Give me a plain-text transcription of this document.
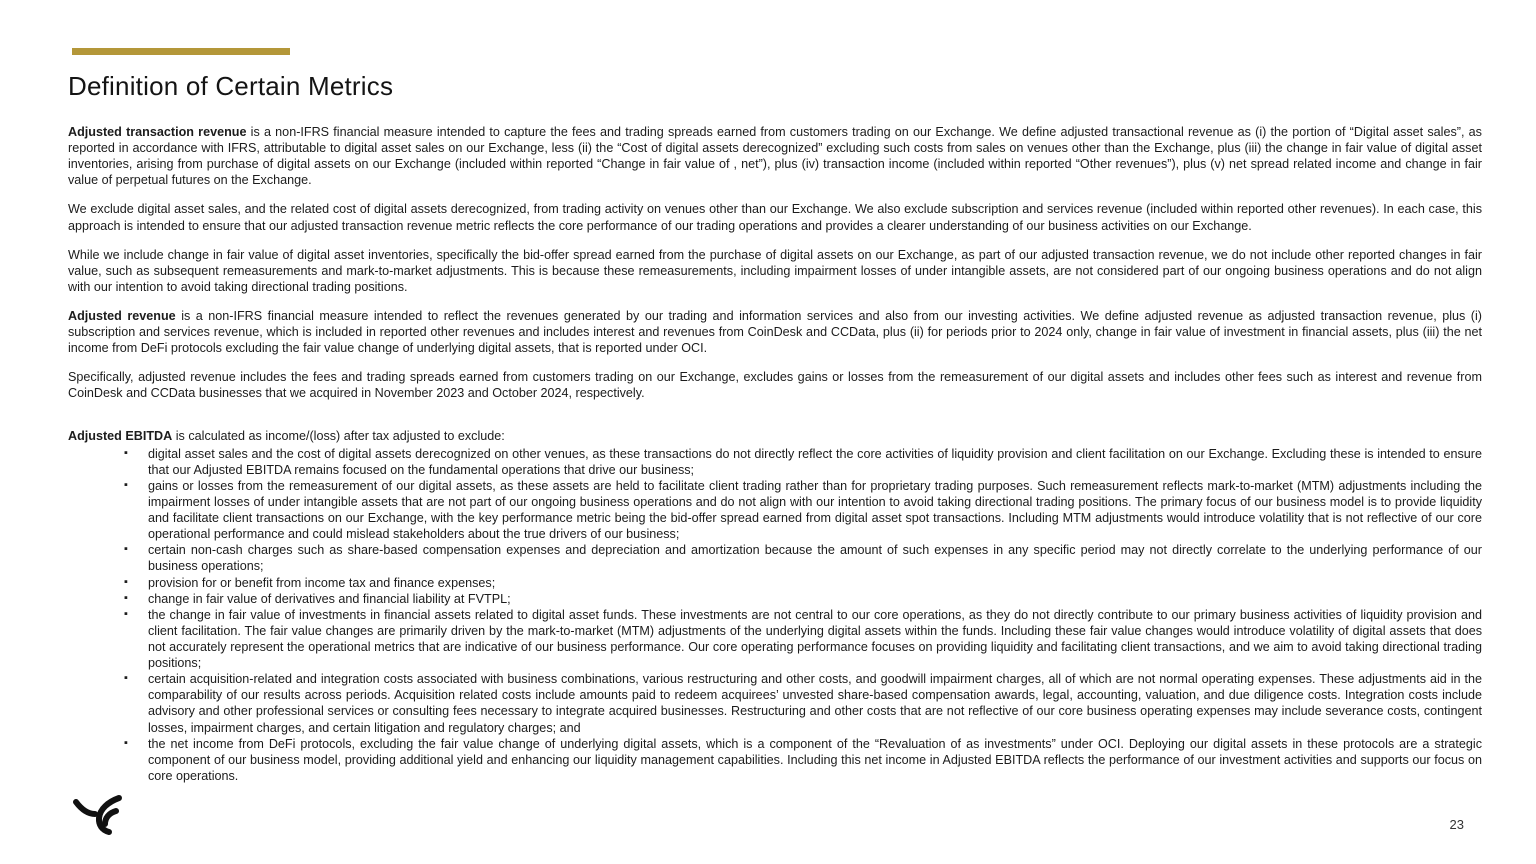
Definition of Certain Metrics

Adjusted transaction revenue is a non-IFRS financial measure intended to capture the fees and trading spreads earned from customers trading on our Exchange. We define adjusted transactional revenue as (i) the portion of “Digital asset sales”, as reported in accordance with IFRS, attributable to digital asset sales on our Exchange, less (ii) the “Cost of digital assets derecognized” excluding such costs from sales on venues other than the Exchange, plus (iii) the change in fair value of digital asset inventories, arising from purchase of digital assets on our Exchange (included within reported “Change in fair value of , net”), plus (iv) transaction income (included within reported “Other revenues”), plus (v) net spread related income and change in fair value of perpetual futures on the Exchange.

We exclude digital asset sales, and the related cost of digital assets derecognized, from trading activity on venues other than our Exchange. We also exclude subscription and services revenue (included within reported other revenues). In each case, this approach is intended to ensure that our adjusted transaction revenue metric reflects the core performance of our trading operations and provides a clearer understanding of our business activities on our Exchange.

While we include change in fair value of digital asset inventories, specifically the bid-offer spread earned from the purchase of digital assets on our Exchange, as part of our adjusted transaction revenue, we do not include other reported changes in fair value, such as subsequent remeasurements and mark-to-market adjustments. This is because these remeasurements, including impairment losses of under intangible assets, are not considered part of our ongoing business operations and do not align with our intention to avoid taking directional trading positions.

Adjusted revenue is a non-IFRS financial measure intended to reflect the revenues generated by our trading and information services and also from our investing activities. We define adjusted revenue as adjusted transaction revenue, plus (i) subscription and services revenue, which is included in reported other revenues and includes interest and revenues from CoinDesk and CCData, plus (ii) for periods prior to 2024 only, change in fair value of investment in financial assets, plus (iii) the net income from DeFi protocols excluding the fair value change of underlying digital assets, that is reported under OCI.

Specifically, adjusted revenue includes the fees and trading spreads earned from customers trading on our Exchange, excludes gains or losses from the remeasurement of our digital assets and includes other fees such as interest and revenue from CoinDesk and CCData businesses that we acquired in November 2023 and October 2024, respectively.

Adjusted EBITDA is calculated as income/(loss) after tax adjusted to exclude:

▪	digital asset sales and the cost of digital assets derecognized on other venues, as these transactions do not directly reflect the core activities of liquidity provision and client facilitation on our Exchange. Excluding these is intended to ensure that our Adjusted EBITDA remains focused on the fundamental operations that drive our business;
▪	gains or losses from the remeasurement of our digital assets, as these assets are held to facilitate client trading rather than for proprietary trading purposes. Such remeasurement reflects mark-to-market (MTM) adjustments including the impairment losses of under intangible assets that are not part of our ongoing business operations and do not align with our intention to avoid taking directional trading positions. The primary focus of our business model is to provide liquidity and facilitate client transactions on our Exchange, with the key performance metric being the bid-offer spread earned from digital asset spot transactions. Including MTM adjustments would introduce volatility that is not reflective of our core operational performance and could mislead stakeholders about the true drivers of our business;
▪	certain non-cash charges such as share-based compensation expenses and depreciation and amortization because the amount of such expenses in any specific period may not directly correlate to the underlying performance of our business operations;
▪	provision for or benefit from income tax and finance expenses;
▪	change in fair value of derivatives and financial liability at FVTPL;
▪	the change in fair value of investments in financial assets related to digital asset funds. These investments are not central to our core operations, as they do not directly contribute to our primary business activities of liquidity provision and client facilitation. The fair value changes are primarily driven by the mark-to-market (MTM) adjustments of the underlying digital assets within the funds. Including these fair value changes would introduce volatility of digital assets that does not accurately represent the operational metrics that are indicative of our business performance. Our core operating performance focuses on providing liquidity and facilitating client transactions, and we aim to avoid taking directional trading positions;
▪	certain acquisition-related and integration costs associated with business combinations, various restructuring and other costs, and goodwill impairment charges, all of which are not normal operating expenses. These adjustments aid in the comparability of our results across periods. Acquisition related costs include amounts paid to redeem acquirees’ unvested share-based compensation awards, legal, accounting, valuation, and due diligence costs. Integration costs include advisory and other professional services or consulting fees necessary to integrate acquired businesses. Restructuring and other costs that are not reflective of our core business operating expenses may include severance costs, contingent losses, impairment charges, and certain litigation and regulatory charges; and
▪	the net income from DeFi protocols, excluding the fair value change of underlying digital assets, which is a component of the “Revaluation of as investments” under OCI. Deploying our digital assets in these protocols are a strategic component of our business model, providing additional yield and enhancing our liquidity management capabilities. Including this net income in Adjusted EBITDA reflects the performance of our investment activities and supports our focus on core operations.
23
